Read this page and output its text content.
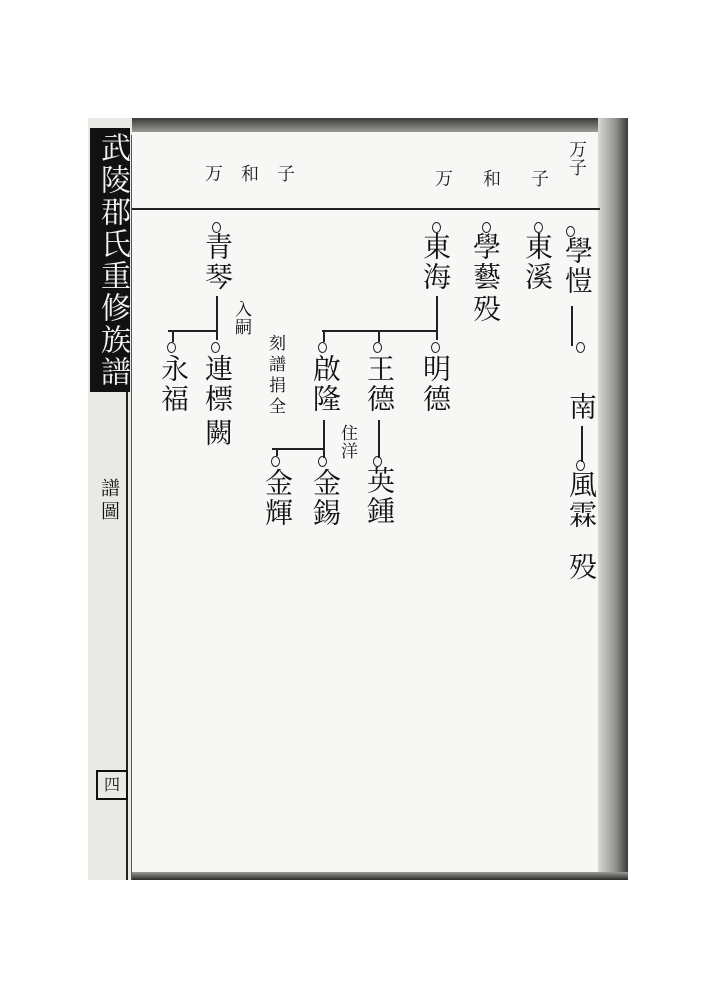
武陵郡氏重修族譜
譜圖
四
万和子	万和子
万子
學愷
南
風霖
殁
東溪
學藝
殁
東海
明德
王德
英鍾
啟隆
住洋
金錫
金輝
刻譜捐全
青琴
入嗣
連標
闕
永福
